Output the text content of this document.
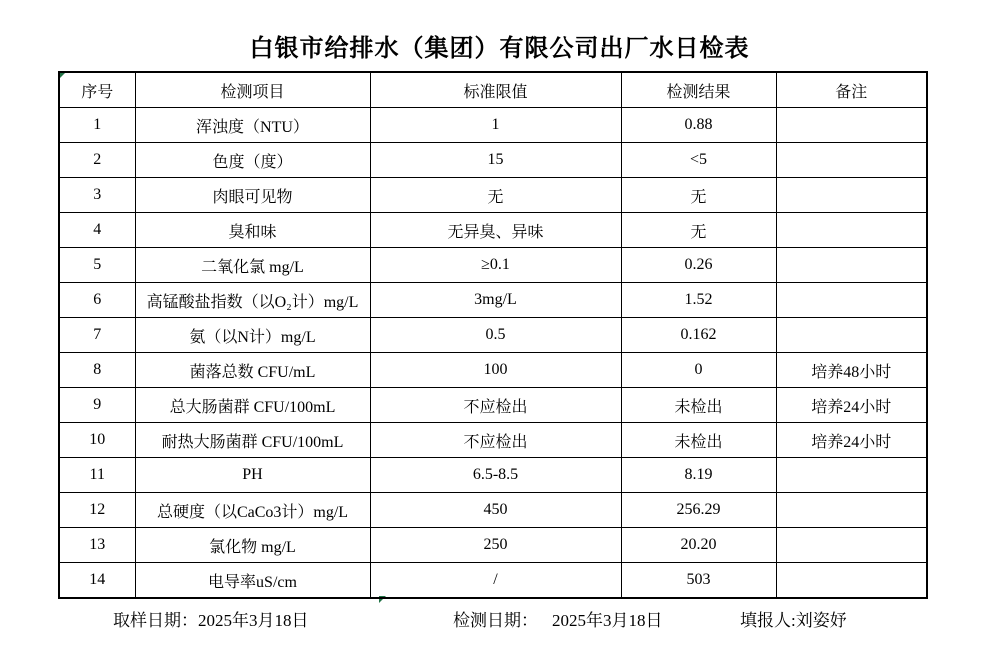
白银市给排水（集团）有限公司出厂水日检表
序号	检测项目	标准限值	检测结果	备注
1	浑浊度（NTU）	1	0.88	
2	色度（度）	15	<5	
3	肉眼可见物	无	无	
4	臭和味	无异臭、异味	无	
5	二氧化氯 mg/L	≥0.1	0.26	
6	高锰酸盐指数（以O₂计）mg/L	3mg/L	1.52	
7	氨（以N计）mg/L	0.5	0.162	
8	菌落总数 CFU/mL	100	0	培养48小时
9	总大肠菌群 CFU/100mL	不应检出	未检出	培养24小时
10	耐热大肠菌群 CFU/100mL	不应检出	未检出	培养24小时
11	PH	6.5-8.5	8.19	
12	总硬度（以CaCo3计）mg/L	450	256.29	
13	氯化物 mg/L	250	20.20	
14	电导率uS/cm	/	503	
取样日期：2025年3月18日	检测日期： 2025年3月18日	填报人:刘姿妤
